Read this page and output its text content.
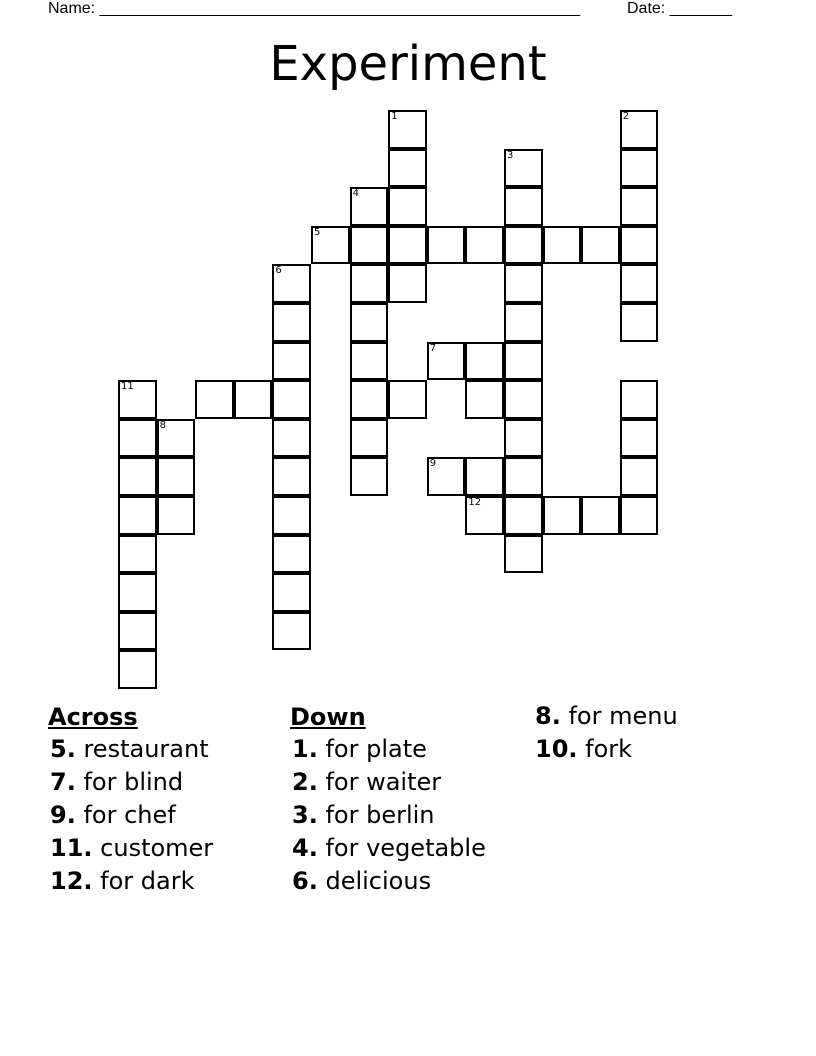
Name: ______________________________________________________	Date: _______
Experiment
11
8
6
5
4
1
7
9
12
3
2
Across
5. restaurant
7. for blind
9. for chef
11. customer
12. for dark
Down
1. for plate
2. for waiter
3. for berlin
4. for vegetable
6. delicious
8. for menu
10. fork
